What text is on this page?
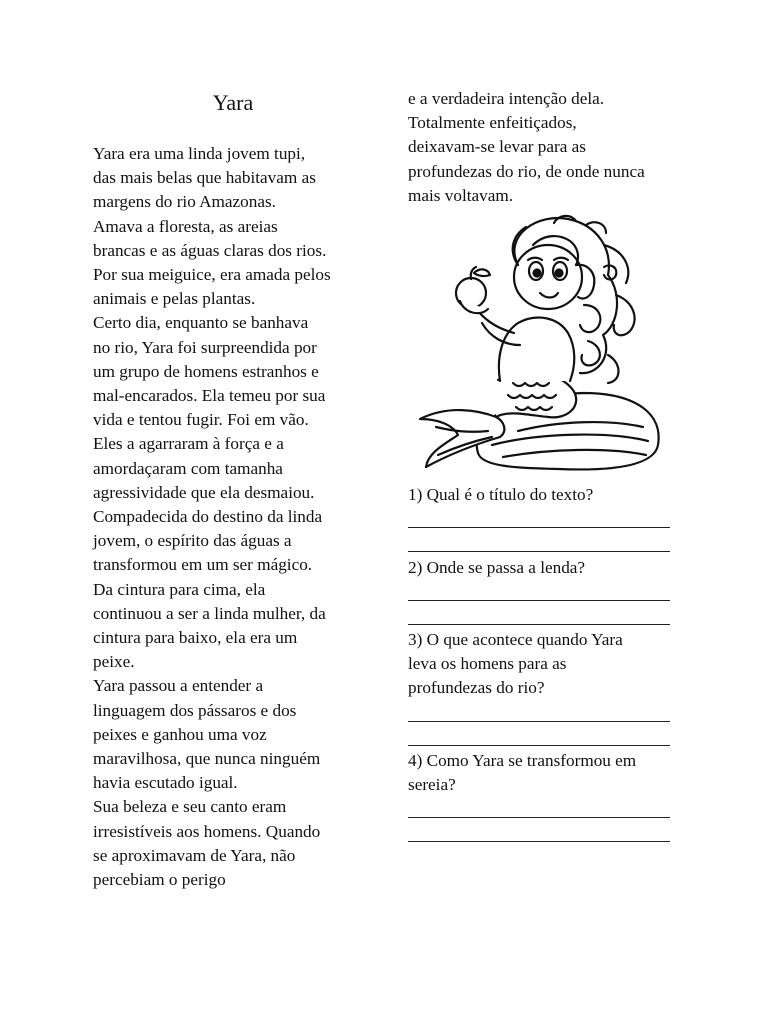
Yara
Yara era uma linda jovem tupi,
das mais belas que habitavam as
margens do rio Amazonas.
Amava a floresta, as areias
brancas e as águas claras dos rios.
Por sua meiguice, era amada pelos
animais e pelas plantas.
Certo dia, enquanto se banhava
no rio, Yara foi surpreendida por
um grupo de homens estranhos e
mal-encarados. Ela temeu por sua
vida e tentou fugir. Foi em vão.
Eles a agarraram à força e a
amordaçaram com tamanha
agressividade que ela desmaiou.
Compadecida do destino da linda
jovem, o espírito das águas a
transformou em um ser mágico.
Da cintura para cima, ela
continuou a ser a linda mulher, da
cintura para baixo, ela era um
peixe.
Yara passou a entender a
linguagem dos pássaros e dos
peixes e ganhou uma voz
maravilhosa, que nunca ninguém
havia escutado igual.
Sua beleza e seu canto eram
irresistíveis aos homens. Quando
se aproximavam de Yara, não
percebiam o perigo
e a verdadeira intenção dela.
Totalmente enfeitiçados,
deixavam-se levar para as
profundezas do rio, de onde nunca
mais voltavam.
1) Qual é o título do texto?
2) Onde se passa a lenda?
3) O que acontece quando Yara
leva os homens para as
profundezas do rio?
4) Como Yara se transformou em
sereia?
